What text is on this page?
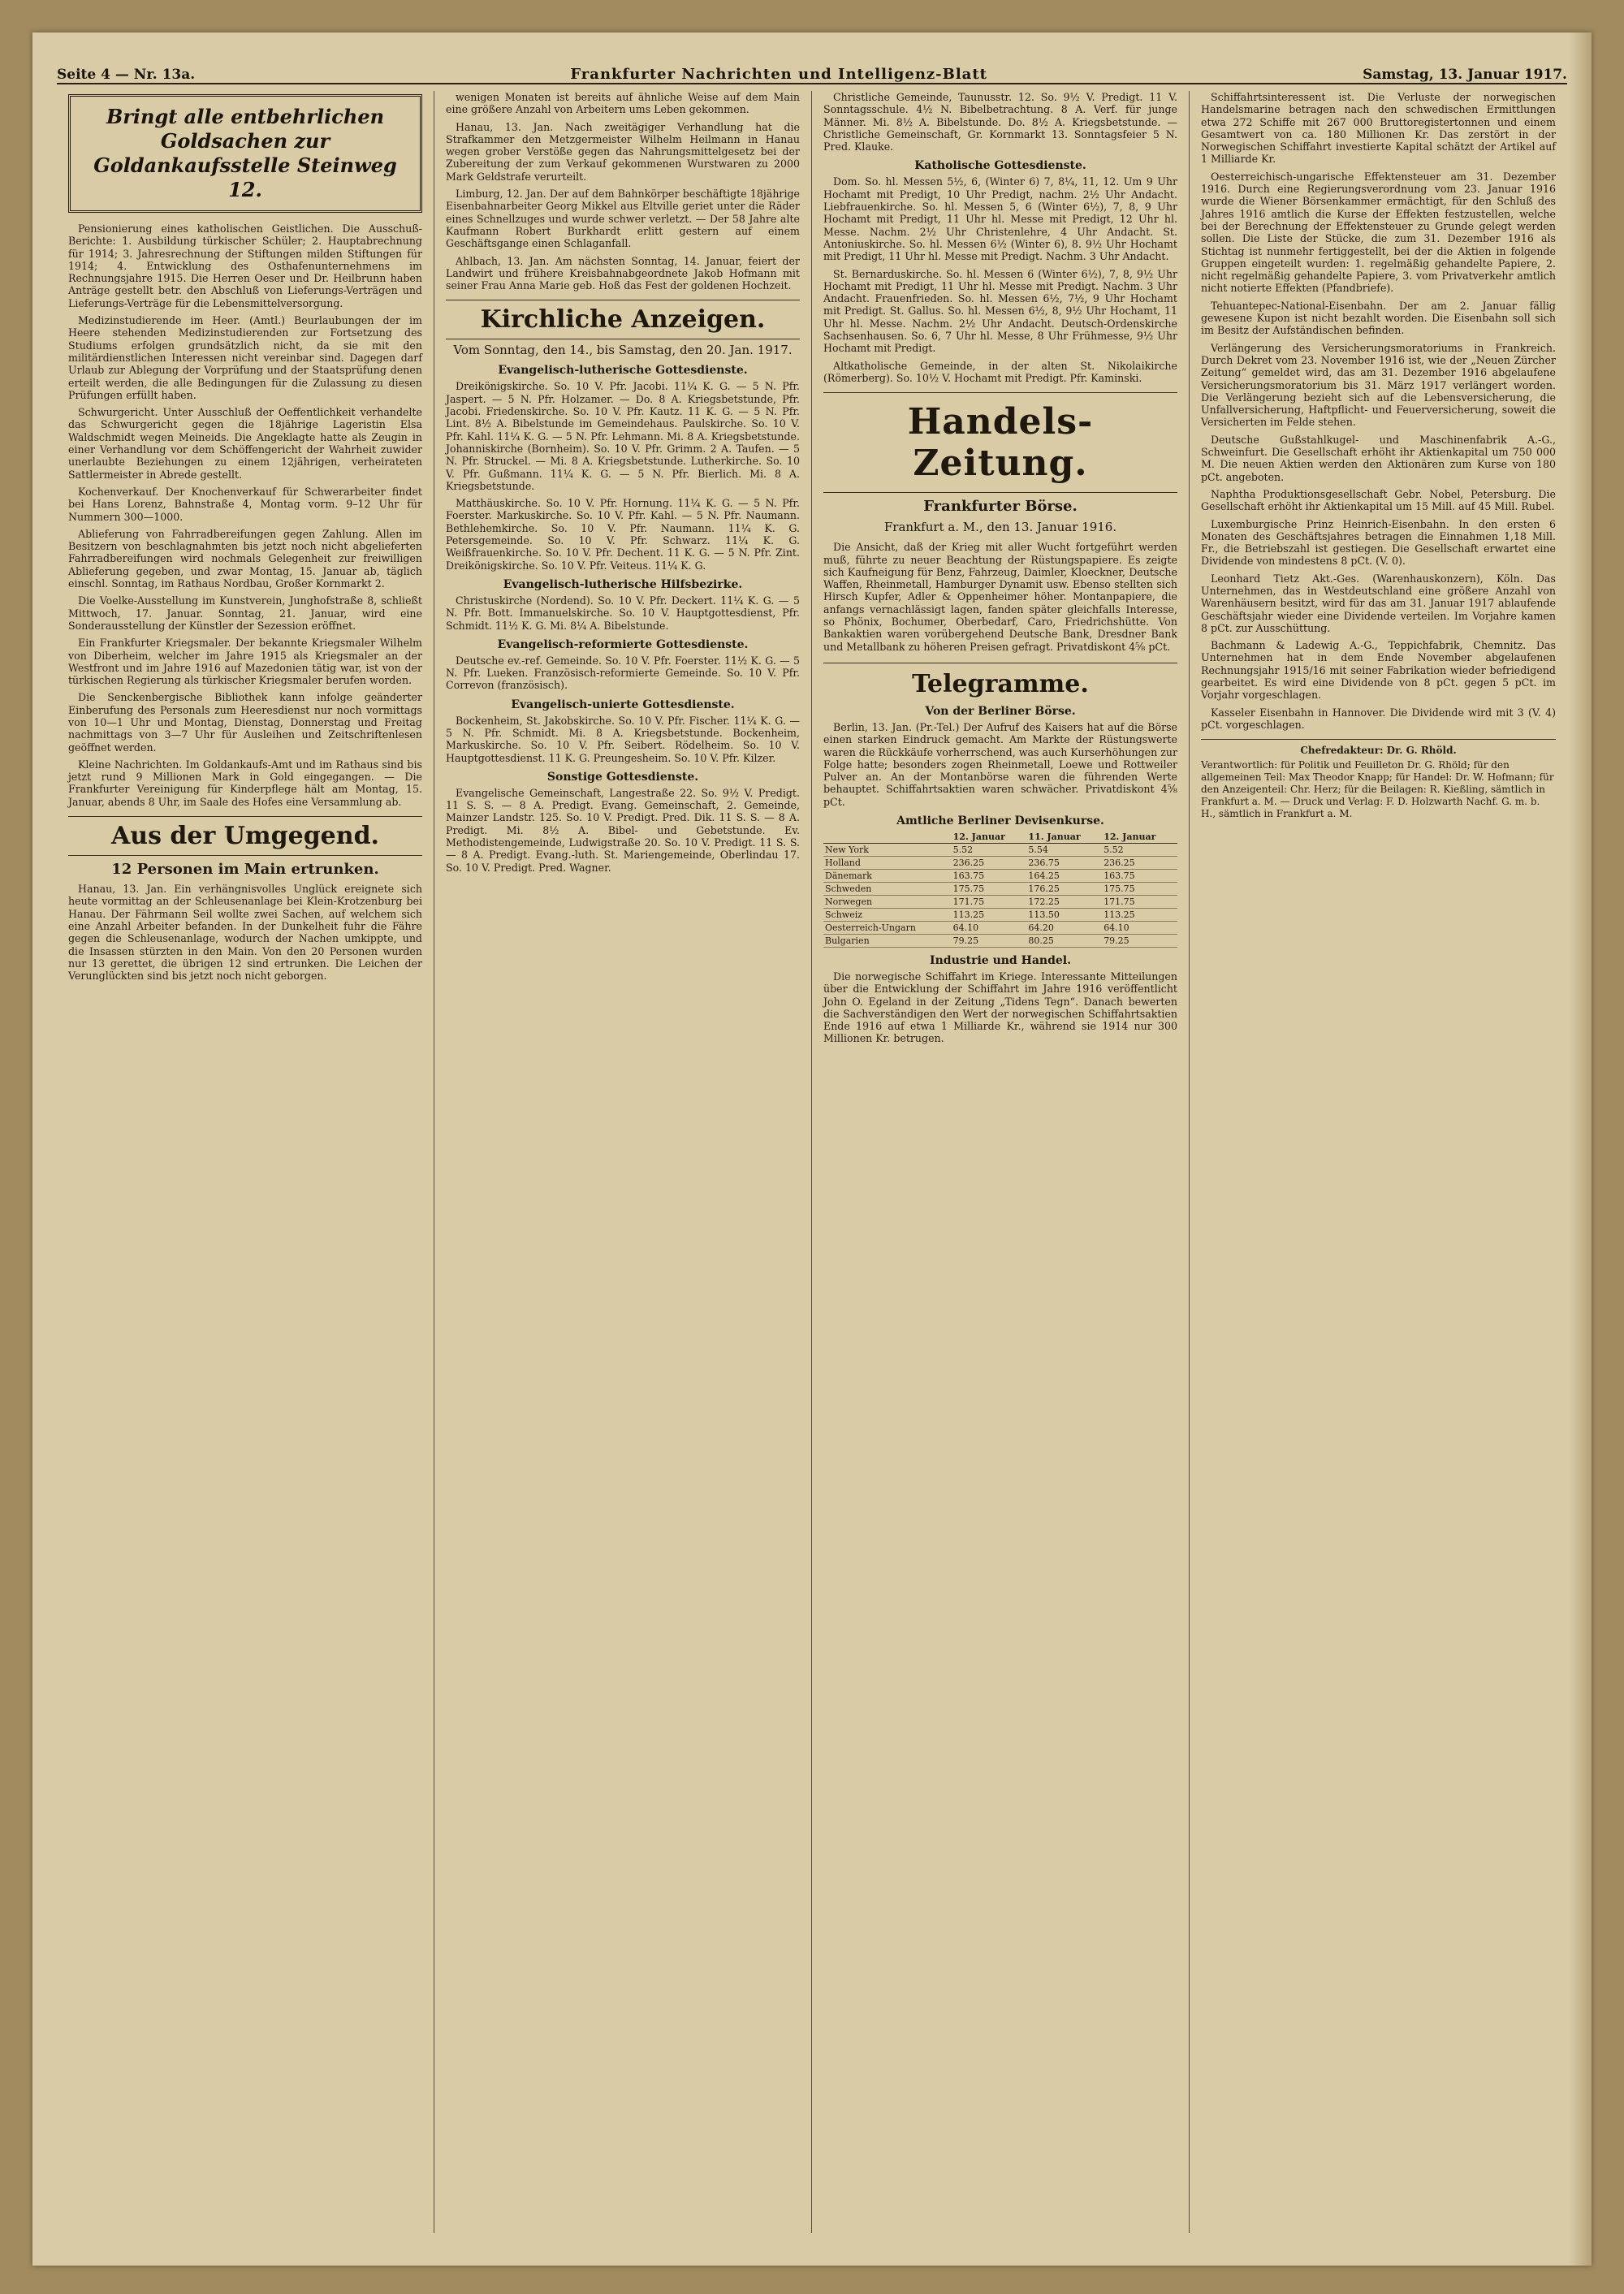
Seite 4 — Nr. 13a.	Frankfurter Nachrichten und Intelligenz-Blatt	Samstag, 13. Januar 1917.
Bringt alle entbehrlichen Goldsachen zur Goldankaufsstelle Steinweg 12.

Pensionierung eines katholischen Geistlichen. Die Ausschuß-Berichte: 1. Ausbildung türkischer Schüler; 2. Hauptabrechnung für 1914; 3. Jahresrechnung der Stiftungen milden Stiftungen für 1914; 4. Entwicklung des Osthafenunternehmens im Rechnungsjahre 1915. Die Herren Oeser und Dr. Heilbrunn haben Anträge gestellt betr. den Abschluß von Lieferungs-Verträgen und Lieferungs-Verträge für die Lebensmittelversorgung.

Medizinstudierende im Heer. (Amtl.) Beurlaubungen der im Heere stehenden Medizinstudierenden zur Fortsetzung des Studiums erfolgen grundsätzlich nicht, da sie mit den militärdienstlichen Interessen nicht vereinbar sind. Dagegen darf Urlaub zur Ablegung der Vorprüfung und der Staatsprüfung denen erteilt werden, die alle Bedingungen für die Zulassung zu diesen Prüfungen erfüllt haben.

Schwurgericht. Unter Ausschluß der Oeffentlichkeit verhandelte das Schwurgericht gegen die 18jährige Lageristin Elsa Waldschmidt wegen Meineids. Die Angeklagte hatte als Zeugin in einer Verhandlung vor dem Schöffengericht der Wahrheit zuwider unerlaubte Beziehungen zu einem 12jährigen, verheirateten Sattlermeister in Abrede gestellt.

Kochenverkauf. Der Knochenverkauf für Schwerarbeiter findet bei Hans Lorenz, Bahnstraße 4, Montag vorm. 9–12 Uhr für Nummern 300—1000.

Ablieferung von Fahrradbereifungen gegen Zahlung. Allen im Besitzern von beschlagnahmten bis jetzt noch nicht abgelieferten Fahrradbereifungen wird nochmals Gelegenheit zur freiwilligen Ablieferung gegeben, und zwar Montag, 15. Januar ab, täglich einschl. Sonntag, im Rathaus Nordbau, Großer Kornmarkt 2.

Die Voelke-Ausstellung im Kunstverein, Junghofstraße 8, schließt Mittwoch, 17. Januar. Sonntag, 21. Januar, wird eine Sonderausstellung der Künstler der Sezession eröffnet.

Ein Frankfurter Kriegsmaler. Der bekannte Kriegsmaler Wilhelm von Diberheim, welcher im Jahre 1915 als Kriegsmaler an der Westfront und im Jahre 1916 auf Mazedonien tätig war, ist von der türkischen Regierung als türkischer Kriegsmaler berufen worden.

Die Senckenbergische Bibliothek kann infolge geänderter Einberufung des Personals zum Heeresdienst nur noch vormittags von 10—1 Uhr und Montag, Dienstag, Donnerstag und Freitag nachmittags von 3—7 Uhr für Ausleihen und Zeitschriftenlesen geöffnet werden.

Kleine Nachrichten. Im Goldankaufs-Amt und im Rathaus sind bis jetzt rund 9 Millionen Mark in Gold eingegangen. — Die Frankfurter Vereinigung für Kinderpflege hält am Montag, 15. Januar, abends 8 Uhr, im Saale des Hofes eine Versammlung ab.

Aus der Umgegend.
12 Personen im Main ertrunken.

Hanau, 13. Jan. Ein verhängnisvolles Unglück ereignete sich heute vormittag an der Schleusenanlage bei Klein-Krotzenburg bei Hanau. Der Fährmann Seil wollte zwei Sachen, auf welchem sich eine Anzahl Arbeiter befanden. In der Dunkelheit fuhr die Fähre gegen die Schleusenanlage, wodurch der Nachen umkippte, und die Insassen stürzten in den Main. Von den 20 Personen wurden nur 13 gerettet, die übrigen 12 sind ertrunken. Die Leichen der Verunglückten sind bis jetzt noch nicht geborgen.

wenigen Monaten ist bereits auf ähnliche Weise auf dem Main eine größere Anzahl von Arbeitern ums Leben gekommen.

Hanau, 13. Jan. Nach zweitägiger Verhandlung hat die Strafkammer den Metzgermeister Wilhelm Heilmann in Hanau wegen grober Verstöße gegen das Nahrungsmittelgesetz bei der Zubereitung der zum Verkauf gekommenen Wurstwaren zu 2000 Mark Geldstrafe verurteilt.

Limburg, 12. Jan. Der auf dem Bahnkörper beschäftigte 18jährige Eisenbahnarbeiter Georg Mikkel aus Eltville geriet unter die Räder eines Schnellzuges und wurde schwer verletzt. — Der 58 Jahre alte Kaufmann Robert Burkhardt erlitt gestern auf einem Geschäftsgange einen Schlaganfall.

Ahlbach, 13. Jan. Am nächsten Sonntag, 14. Januar, feiert der Landwirt und frühere Kreisbahnabgeordnete Jakob Hofmann mit seiner Frau Anna Marie geb. Hoß das Fest der goldenen Hochzeit.

Kirchliche Anzeigen.
Vom Sonntag, den 14., bis Samstag, den 20. Jan. 1917.
Evangelisch-lutherische Gottesdienste.

Dreikönigskirche. So. 10 V. Pfr. Jacobi. 11¼ K. G. — 5 N. Pfr. Jaspert. — 5 N. Pfr. Holzamer. — Do. 8 A. Kriegsbetstunde, Pfr. Jacobi. Friedenskirche. So. 10 V. Pfr. Kautz. 11 K. G. — 5 N. Pfr. Lint. 8½ A. Bibelstunde im Gemeindehaus. Paulskirche. So. 10 V. Pfr. Kahl. 11¼ K. G. — 5 N. Pfr. Lehmann. Mi. 8 A. Kriegsbetstunde. Johanniskirche (Bornheim). So. 10 V. Pfr. Grimm. 2 A. Taufen. — 5 N. Pfr. Struckel. — Mi. 8 A. Kriegsbetstunde. Lutherkirche. So. 10 V. Pfr. Gußmann. 11¼ K. G. — 5 N. Pfr. Bierlich. Mi. 8 A. Kriegsbetstunde.

Matthäuskirche. So. 10 V. Pfr. Hornung. 11¼ K. G. — 5 N. Pfr. Foerster. Markuskirche. So. 10 V. Pfr. Kahl. — 5 N. Pfr. Naumann. Bethlehemkirche. So. 10 V. Pfr. Naumann. 11¼ K. G. Petersgemeinde. So. 10 V. Pfr. Schwarz. 11¼ K. G. Weißfrauenkirche. So. 10 V. Pfr. Dechent. 11 K. G. — 5 N. Pfr. Zint. Dreikönigskirche. So. 10 V. Pfr. Veiteus. 11¼ K. G.

Evangelisch-lutherische Hilfsbezirke.

Christuskirche (Nordend). So. 10 V. Pfr. Deckert. 11¼ K. G. — 5 N. Pfr. Bott. Immanuelskirche. So. 10 V. Hauptgottesdienst, Pfr. Schmidt. 11½ K. G. Mi. 8¼ A. Bibelstunde.

Evangelisch-reformierte Gottesdienste.

Deutsche ev.-ref. Gemeinde. So. 10 V. Pfr. Foerster. 11½ K. G. — 5 N. Pfr. Lueken. Französisch-reformierte Gemeinde. So. 10 V. Pfr. Correvon (französisch).

Evangelisch-unierte Gottesdienste.

Bockenheim, St. Jakobskirche. So. 10 V. Pfr. Fischer. 11¼ K. G. — 5 N. Pfr. Schmidt. Mi. 8 A. Kriegsbetstunde. Bockenheim, Markuskirche. So. 10 V. Pfr. Seibert. Rödelheim. So. 10 V. Hauptgottesdienst. 11 K. G. Preungesheim. So. 10 V. Pfr. Kilzer.

Sonstige Gottesdienste.

Evangelische Gemeinschaft, Langestraße 22. So. 9½ V. Predigt. 11 S. S. — 8 A. Predigt. Evang. Gemeinschaft, 2. Gemeinde, Mainzer Landstr. 125. So. 10 V. Predigt. Pred. Dik. 11 S. S. — 8 A. Predigt. Mi. 8½ A. Bibel- und Gebetstunde. Ev. Methodistengemeinde, Ludwigstraße 20. So. 10 V. Predigt. 11 S. S. — 8 A. Predigt. Evang.-luth. St. Mariengemeinde, Oberlindau 17. So. 10 V. Predigt. Pred. Wagner.

Christliche Gemeinde, Taunusstr. 12. So. 9½ V. Predigt. 11 V. Sonntagsschule. 4½ N. Bibelbetrachtung. 8 A. Verf. für junge Männer. Mi. 8½ A. Bibelstunde. Do. 8½ A. Kriegsbetstunde. — Christliche Gemeinschaft, Gr. Kornmarkt 13. Sonntagsfeier 5 N. Pred. Klauke.

Katholische Gottesdienste.

Dom. So. hl. Messen 5½, 6, (Winter 6) 7, 8¼, 11, 12. Um 9 Uhr Hochamt mit Predigt, 10 Uhr Predigt, nachm. 2½ Uhr Andacht. Liebfrauenkirche. So. hl. Messen 5, 6 (Winter 6½), 7, 8, 9 Uhr Hochamt mit Predigt, 11 Uhr hl. Messe mit Predigt, 12 Uhr hl. Messe. Nachm. 2½ Uhr Christenlehre, 4 Uhr Andacht. St. Antoniuskirche. So. hl. Messen 6½ (Winter 6), 8. 9½ Uhr Hochamt mit Predigt, 11 Uhr hl. Messe mit Predigt. Nachm. 3 Uhr Andacht.

St. Bernarduskirche. So. hl. Messen 6 (Winter 6½), 7, 8, 9½ Uhr Hochamt mit Predigt, 11 Uhr hl. Messe mit Predigt. Nachm. 3 Uhr Andacht. Frauenfrieden. So. hl. Messen 6½, 7½, 9 Uhr Hochamt mit Predigt. St. Gallus. So. hl. Messen 6½, 8, 9½ Uhr Hochamt, 11 Uhr hl. Messe. Nachm. 2½ Uhr Andacht. Deutsch-Ordenskirche Sachsenhausen. So. 6, 7 Uhr hl. Messe, 8 Uhr Frühmesse, 9½ Uhr Hochamt mit Predigt.

Altkatholische Gemeinde, in der alten St. Nikolaikirche (Römerberg). So. 10½ V. Hochamt mit Predigt. Pfr. Kaminski.

Handels-Zeitung.
Frankfurter Börse.
Frankfurt a. M., den 13. Januar 1916.

Die Ansicht, daß der Krieg mit aller Wucht fortgeführt werden muß, führte zu neuer Beachtung der Rüstungspapiere. Es zeigte sich Kaufneigung für Benz, Fahrzeug, Daimler, Kloeckner, Deutsche Waffen, Rheinmetall, Hamburger Dynamit usw. Ebenso stellten sich Hirsch Kupfer, Adler & Oppenheimer höher. Montanpapiere, die anfangs vernachlässigt lagen, fanden später gleichfalls Interesse, so Phönix, Bochumer, Oberbedarf, Caro, Friedrichshütte. Von Bankaktien waren vorübergehend Deutsche Bank, Dresdner Bank und Metallbank zu höheren Preisen gefragt. Privatdiskont 4⅝ pCt.

Telegramme.
Von der Berliner Börse.

Berlin, 13. Jan. (Pr.-Tel.) Der Aufruf des Kaisers hat auf die Börse einen starken Eindruck gemacht. Am Markte der Rüstungswerte waren die Rückkäufe vorherrschend, was auch Kurserhöhungen zur Folge hatte; besonders zogen Rheinmetall, Loewe und Rottweiler Pulver an. An der Montanbörse waren die führenden Werte behauptet. Schiffahrtsaktien waren schwächer. Privatdiskont 4⅝ pCt.

Amtliche Berliner Devisenkurse.
	12. Januar	11. Januar	12. Januar
New York	5.52	5.54	5.52
Holland	236.25	236.75	236.25
Dänemark	163.75	164.25	163.75
Schweden	175.75	176.25	175.75
Norwegen	171.75	172.25	171.75
Schweiz	113.25	113.50	113.25
Oesterreich-Ungarn	64.10	64.20	64.10
Bulgarien	79.25	80.25	79.25
Industrie und Handel.

Die norwegische Schiffahrt im Kriege. Interessante Mitteilungen über die Entwicklung der Schiffahrt im Jahre 1916 veröffentlicht John O. Egeland in der Zeitung „Tidens Tegn“. Danach bewerten die Sachverständigen den Wert der norwegischen Schiffahrtsaktien Ende 1916 auf etwa 1 Milliarde Kr., während sie 1914 nur 300 Millionen Kr. betrugen.

Schiffahrtsinteressent ist. Die Verluste der norwegischen Handelsmarine betragen nach den schwedischen Ermittlungen etwa 272 Schiffe mit 267 000 Bruttoregistertonnen und einem Gesamtwert von ca. 180 Millionen Kr. Das zerstört in der Norwegischen Schiffahrt investierte Kapital schätzt der Artikel auf 1 Milliarde Kr.

Oesterreichisch-ungarische Effektensteuer am 31. Dezember 1916. Durch eine Regierungsverordnung vom 23. Januar 1916 wurde die Wiener Börsenkammer ermächtigt, für den Schluß des Jahres 1916 amtlich die Kurse der Effekten festzustellen, welche bei der Berechnung der Effektensteuer zu Grunde gelegt werden sollen. Die Liste der Stücke, die zum 31. Dezember 1916 als Stichtag ist nunmehr fertiggestellt, bei der die Aktien in folgende Gruppen eingeteilt wurden: 1. regelmäßig gehandelte Papiere, 2. nicht regelmäßig gehandelte Papiere, 3. vom Privatverkehr amtlich nicht notierte Effekten (Pfandbriefe).

Tehuantepec-National-Eisenbahn. Der am 2. Januar fällig gewesene Kupon ist nicht bezahlt worden. Die Eisenbahn soll sich im Besitz der Aufständischen befinden.

Verlängerung des Versicherungsmoratoriums in Frankreich. Durch Dekret vom 23. November 1916 ist, wie der „Neuen Zürcher Zeitung“ gemeldet wird, das am 31. Dezember 1916 abgelaufene Versicherungsmoratorium bis 31. März 1917 verlängert worden. Die Verlängerung bezieht sich auf die Lebensversicherung, die Unfallversicherung, Haftpflicht- und Feuerversicherung, soweit die Versicherten im Felde stehen.

Deutsche Gußstahlkugel- und Maschinenfabrik A.-G., Schweinfurt. Die Gesellschaft erhöht ihr Aktienkapital um 750 000 M. Die neuen Aktien werden den Aktionären zum Kurse von 180 pCt. angeboten.

Naphtha Produktionsgesellschaft Gebr. Nobel, Petersburg. Die Gesellschaft erhöht ihr Aktienkapital um 15 Mill. auf 45 Mill. Rubel.

Luxemburgische Prinz Heinrich-Eisenbahn. In den ersten 6 Monaten des Geschäftsjahres betragen die Einnahmen 1,18 Mill. Fr., die Betriebszahl ist gestiegen. Die Gesellschaft erwartet eine Dividende von mindestens 8 pCt. (V. 0).

Leonhard Tietz Akt.-Ges. (Warenhauskonzern), Köln. Das Unternehmen, das in Westdeutschland eine größere Anzahl von Warenhäusern besitzt, wird für das am 31. Januar 1917 ablaufende Geschäftsjahr wieder eine Dividende verteilen. Im Vorjahre kamen 8 pCt. zur Ausschüttung.

Bachmann & Ladewig A.-G., Teppichfabrik, Chemnitz. Das Unternehmen hat in dem Ende November abgelaufenen Rechnungsjahr 1915/16 mit seiner Fabrikation wieder befriedigend gearbeitet. Es wird eine Dividende von 8 pCt. gegen 5 pCt. im Vorjahr vorgeschlagen.

Kasseler Eisenbahn in Hannover. Die Dividende wird mit 3 (V. 4) pCt. vorgeschlagen.

Chefredakteur: Dr. G. Rhöld.
Verantwortlich: für Politik und Feuilleton Dr. G. Rhöld; für den allgemeinen Teil: Max Theodor Knapp; für Handel: Dr. W. Hofmann; für den Anzeigenteil: Chr. Herz; für die Beilagen: R. Kießling, sämtlich in Frankfurt a. M. — Druck und Verlag: F. D. Holzwarth Nachf. G. m. b. H., sämtlich in Frankfurt a. M.
